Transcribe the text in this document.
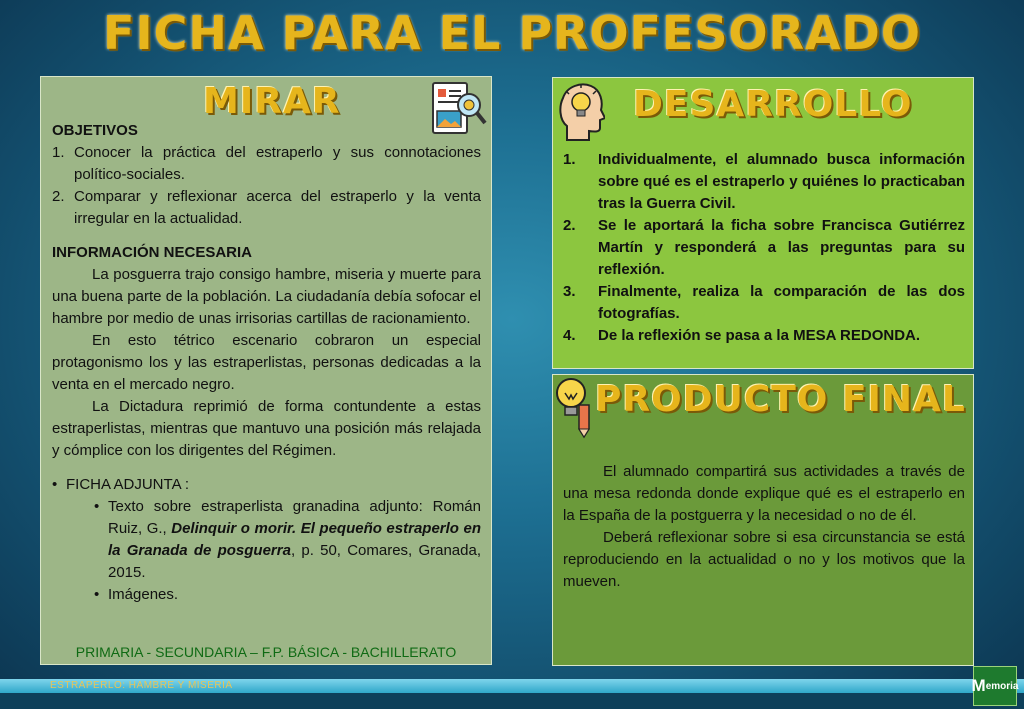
FICHA PARA EL PROFESORADO
MIRAR
OBJETIVOS
1. Conocer la práctica del estraperlo y sus connotaciones político-sociales.
2. Comparar y reflexionar acerca del estraperlo y la venta irregular en la actualidad.
INFORMACIÓN NECESARIA
La posguerra trajo consigo hambre, miseria y muerte para una buena parte de la población. La ciudadanía debía sofocar el hambre por medio de unas irrisorias cartillas de racionamiento.
En esto tétrico escenario cobraron un especial protagonismo los y las estraperlistas, personas dedicadas a la venta en el mercado negro.
La Dictadura reprimió de forma contundente a estas estraperlistas, mientras que mantuvo una posición más relajada y cómplice con los dirigentes del Régimen.
• FICHA ADJUNTA :
• Texto sobre estraperlista granadina adjunto: Román Ruiz, G., Delinquir o morir. El pequeño estraperlo en la Granada de posguerra, p. 50, Comares, Granada, 2015.
• Imágenes.
PRIMARIA - SECUNDARIA – F.P. BÁSICA - BACHILLERATO
DESARROLLO
1. Individualmente, el alumnado busca información sobre qué es el estraperlo y quiénes lo practicaban tras la Guerra Civil.
2. Se le aportará la ficha sobre Francisca Gutiérrez Martín y responderá a las preguntas para su reflexión.
3. Finalmente, realiza la comparación de las dos fotografías.
4. De la reflexión se pasa a la MESA REDONDA.
PRODUCTO FINAL
El alumnado compartirá sus actividades a través de una mesa redonda donde explique qué es el estraperlo en la España de la postguerra y la necesidad o no de él.
Deberá reflexionar sobre si esa circunstancia se está reproduciendo en la actualidad o no y los motivos que la mueven.
ESTRAPERLO: HAMBRE Y MISERIA	M emoria
